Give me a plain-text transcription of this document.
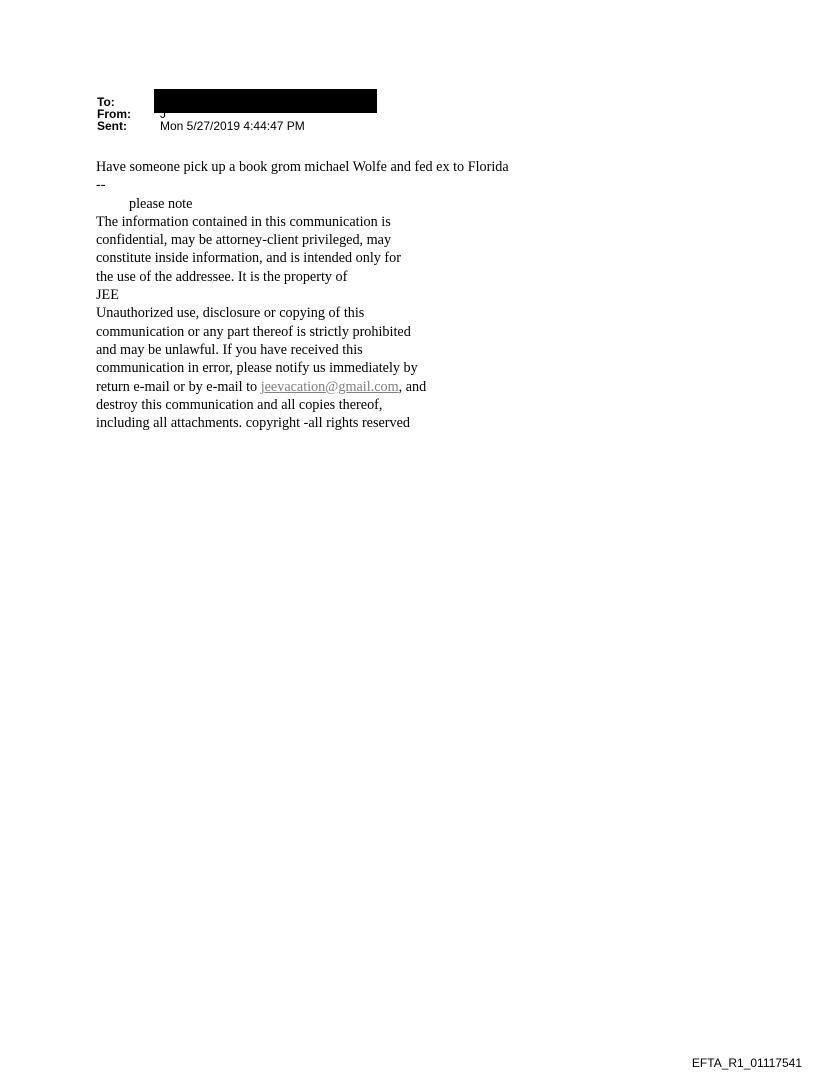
To:
From: J
Sent:	Mon 5/27/2019 4:44:47 PM
Have someone pick up a book grom michael Wolfe and fed ex to Florida
--
please note
The information contained in this communication is
confidential, may be attorney-client privileged, may
constitute inside information, and is intended only for
the use of the addressee. It is the property of
JEE
Unauthorized use, disclosure or copying of this
communication or any part thereof is strictly prohibited
and may be unlawful. If you have received this
communication in error, please notify us immediately by
return e-mail or by e-mail to jeevacation@gmail.com, and
destroy this communication and all copies thereof,
including all attachments. copyright -all rights reserved
EFTA_R1_01117541
